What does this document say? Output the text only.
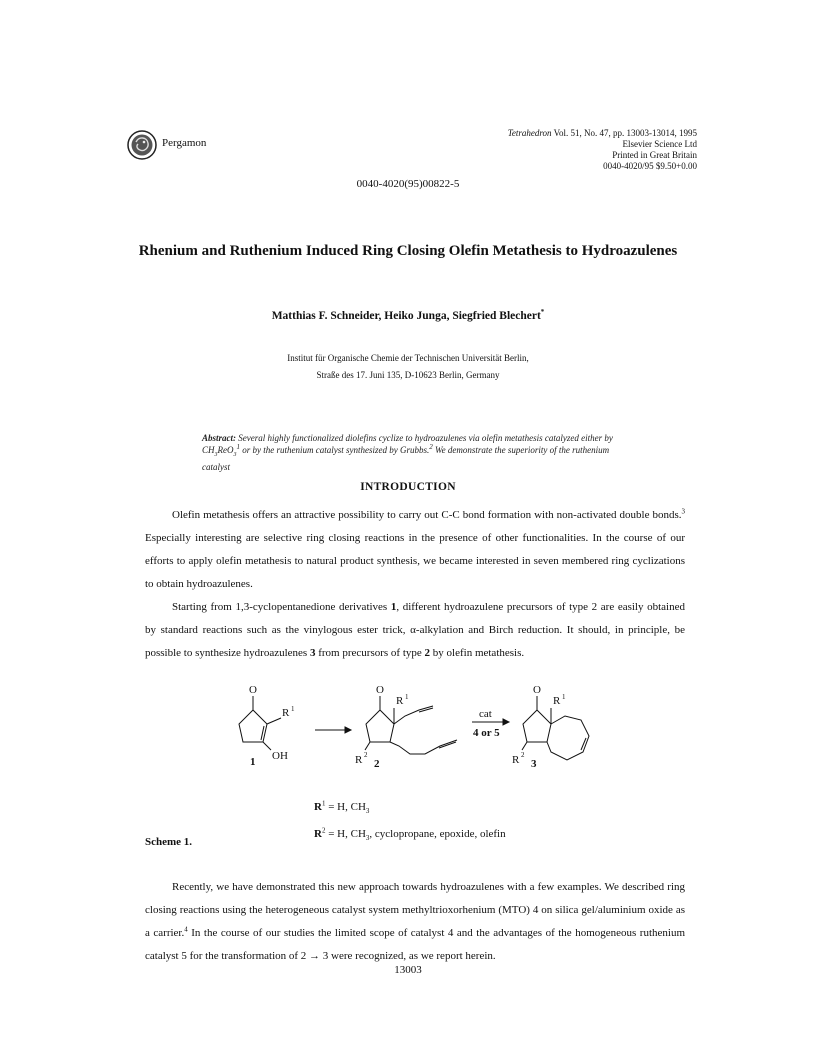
Pergamon
Tetrahedron Vol. 51, No. 47, pp. 13003-13014, 1995
Elsevier Science Ltd
Printed in Great Britain
0040-4020/95 $9.50+0.00
0040-4020(95)00822-5
Rhenium and Ruthenium Induced Ring Closing Olefin Metathesis to Hydroazulenes
Matthias F. Schneider, Heiko Junga, Siegfried Blechert*
Institut für Organische Chemie der Technischen Universität Berlin,
Straße des 17. Juni 135, D-10623 Berlin, Germany
Abstract: Several highly functionalized diolefins cyclize to hydroazulenes via olefin metathesis catalyzed either by $CH_3ReO_3^1$ or by the ruthenium catalyst synthesized by Grubbs.$^2$ We demonstrate the superiority of the ruthenium catalyst
INTRODUCTION
Olefin metathesis offers an attractive possibility to carry out C-C bond formation with non-activated double bonds.$^3$ Especially interesting are selective ring closing reactions in the presence of other functionalities. In the course of our efforts to apply olefin metathesis to natural product synthesis, we became interested in seven membered ring cyclizations to obtain hydroazulenes.
Starting from 1,3-cyclopentanedione derivatives 1, different hydroazulene precursors of type 2 are easily obtained by standard reactions such as the vinylogous ester trick, α-alkylation and Birch reduction. It should, in principle, be possible to synthesize hydroazulenes 3 from precursors of type 2 by olefin metathesis.
O
R 1
OH
1
O
R 1
R 2
2
cat
4 or 5
O
R 1
R 2
3
$R^1 = H$, $CH_3$
$R^2 = H$, $CH_3$, cyclopropane, epoxide, olefin
Scheme 1.
Recently, we have demonstrated this new approach towards hydroazulenes with a few examples. We described ring closing reactions using the heterogeneous catalyst system methyltrioxorhenium (MTO) 4 on silica gel/aluminium oxide as a carrier.$^4$ In the course of our studies the limited scope of catalyst 4 and the advantages of the homogeneous ruthenium catalyst 5 for the transformation of 2 → 3 were recognized, as we report herein.
13003
